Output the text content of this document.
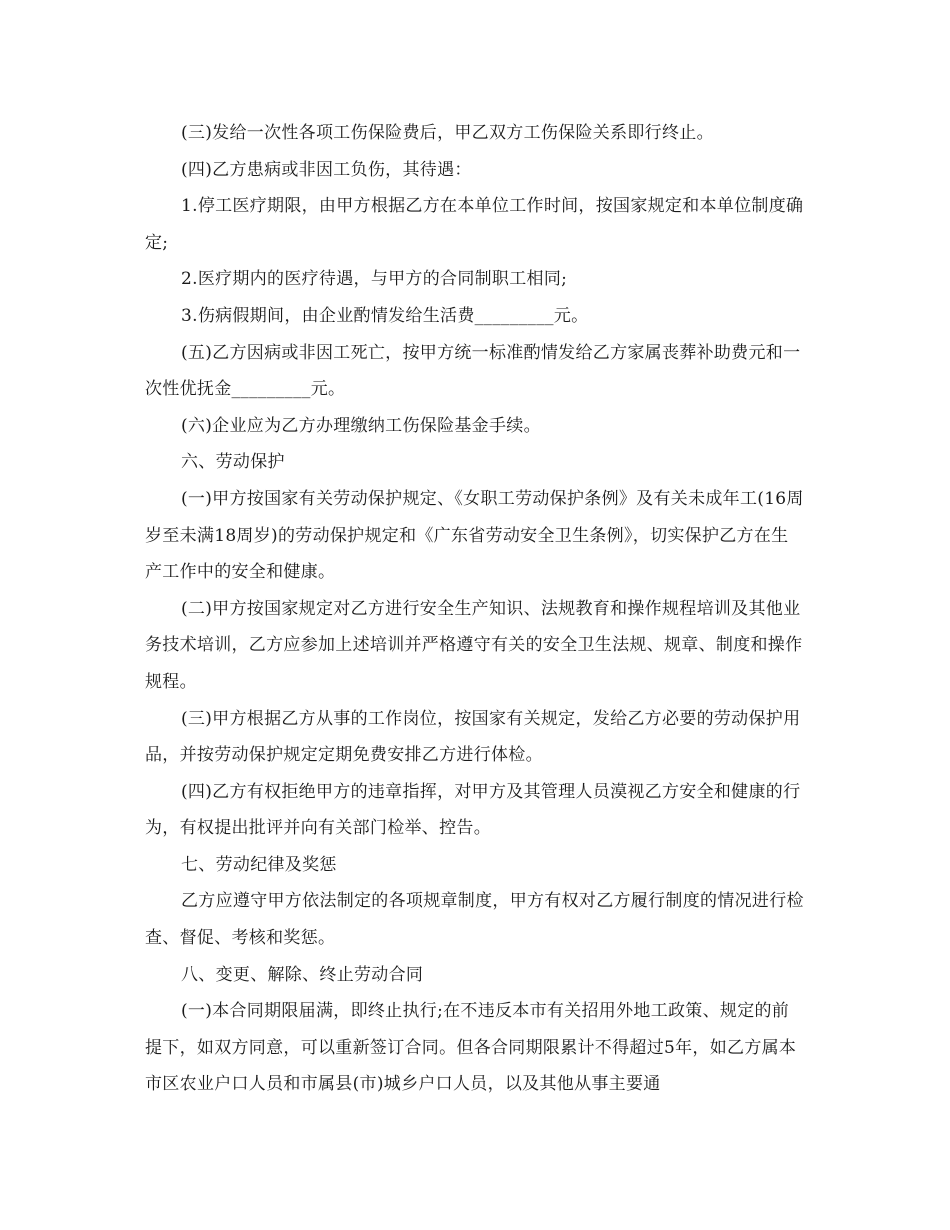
(三)发给一次性各项工伤保险费后，甲乙双方工伤保险关系即行终止。

(四)乙方患病或非因工负伤，其待遇：

1.停工医疗期限，由甲方根据乙方在本单位工作时间，按国家规定和本单位制度确定;

2.医疗期内的医疗待遇，与甲方的合同制职工相同;

3.伤病假期间，由企业酌情发给生活费_________元。

(五)乙方因病或非因工死亡，按甲方统一标准酌情发给乙方家属丧葬补助费元和一次性优抚金_________元。

(六)企业应为乙方办理缴纳工伤保险基金手续。

六、劳动保护

(一)甲方按国家有关劳动保护规定、《女职工劳动保护条例》及有关未成年工(16周岁至未满18周岁)的劳动保护规定和《广东省劳动安全卫生条例》，切实保护乙方在生产工作中的安全和健康。

(二)甲方按国家规定对乙方进行安全生产知识、法规教育和操作规程培训及其他业务技术培训，乙方应参加上述培训并严格遵守有关的安全卫生法规、规章、制度和操作规程。

(三)甲方根据乙方从事的工作岗位，按国家有关规定，发给乙方必要的劳动保护用品，并按劳动保护规定定期免费安排乙方进行体检。

(四)乙方有权拒绝甲方的违章指挥，对甲方及其管理人员漠视乙方安全和健康的行为，有权提出批评并向有关部门检举、控告。

七、劳动纪律及奖惩

乙方应遵守甲方依法制定的各项规章制度，甲方有权对乙方履行制度的情况进行检查、督促、考核和奖惩。

八、变更、解除、终止劳动合同

(一)本合同期限届满，即终止执行;在不违反本市有关招用外地工政策、规定的前提下，如双方同意，可以重新签订合同。但各合同期限累计不得超过5年，如乙方属本市区农业户口人员和市属县(市)城乡户口人员，以及其他从事主要通
